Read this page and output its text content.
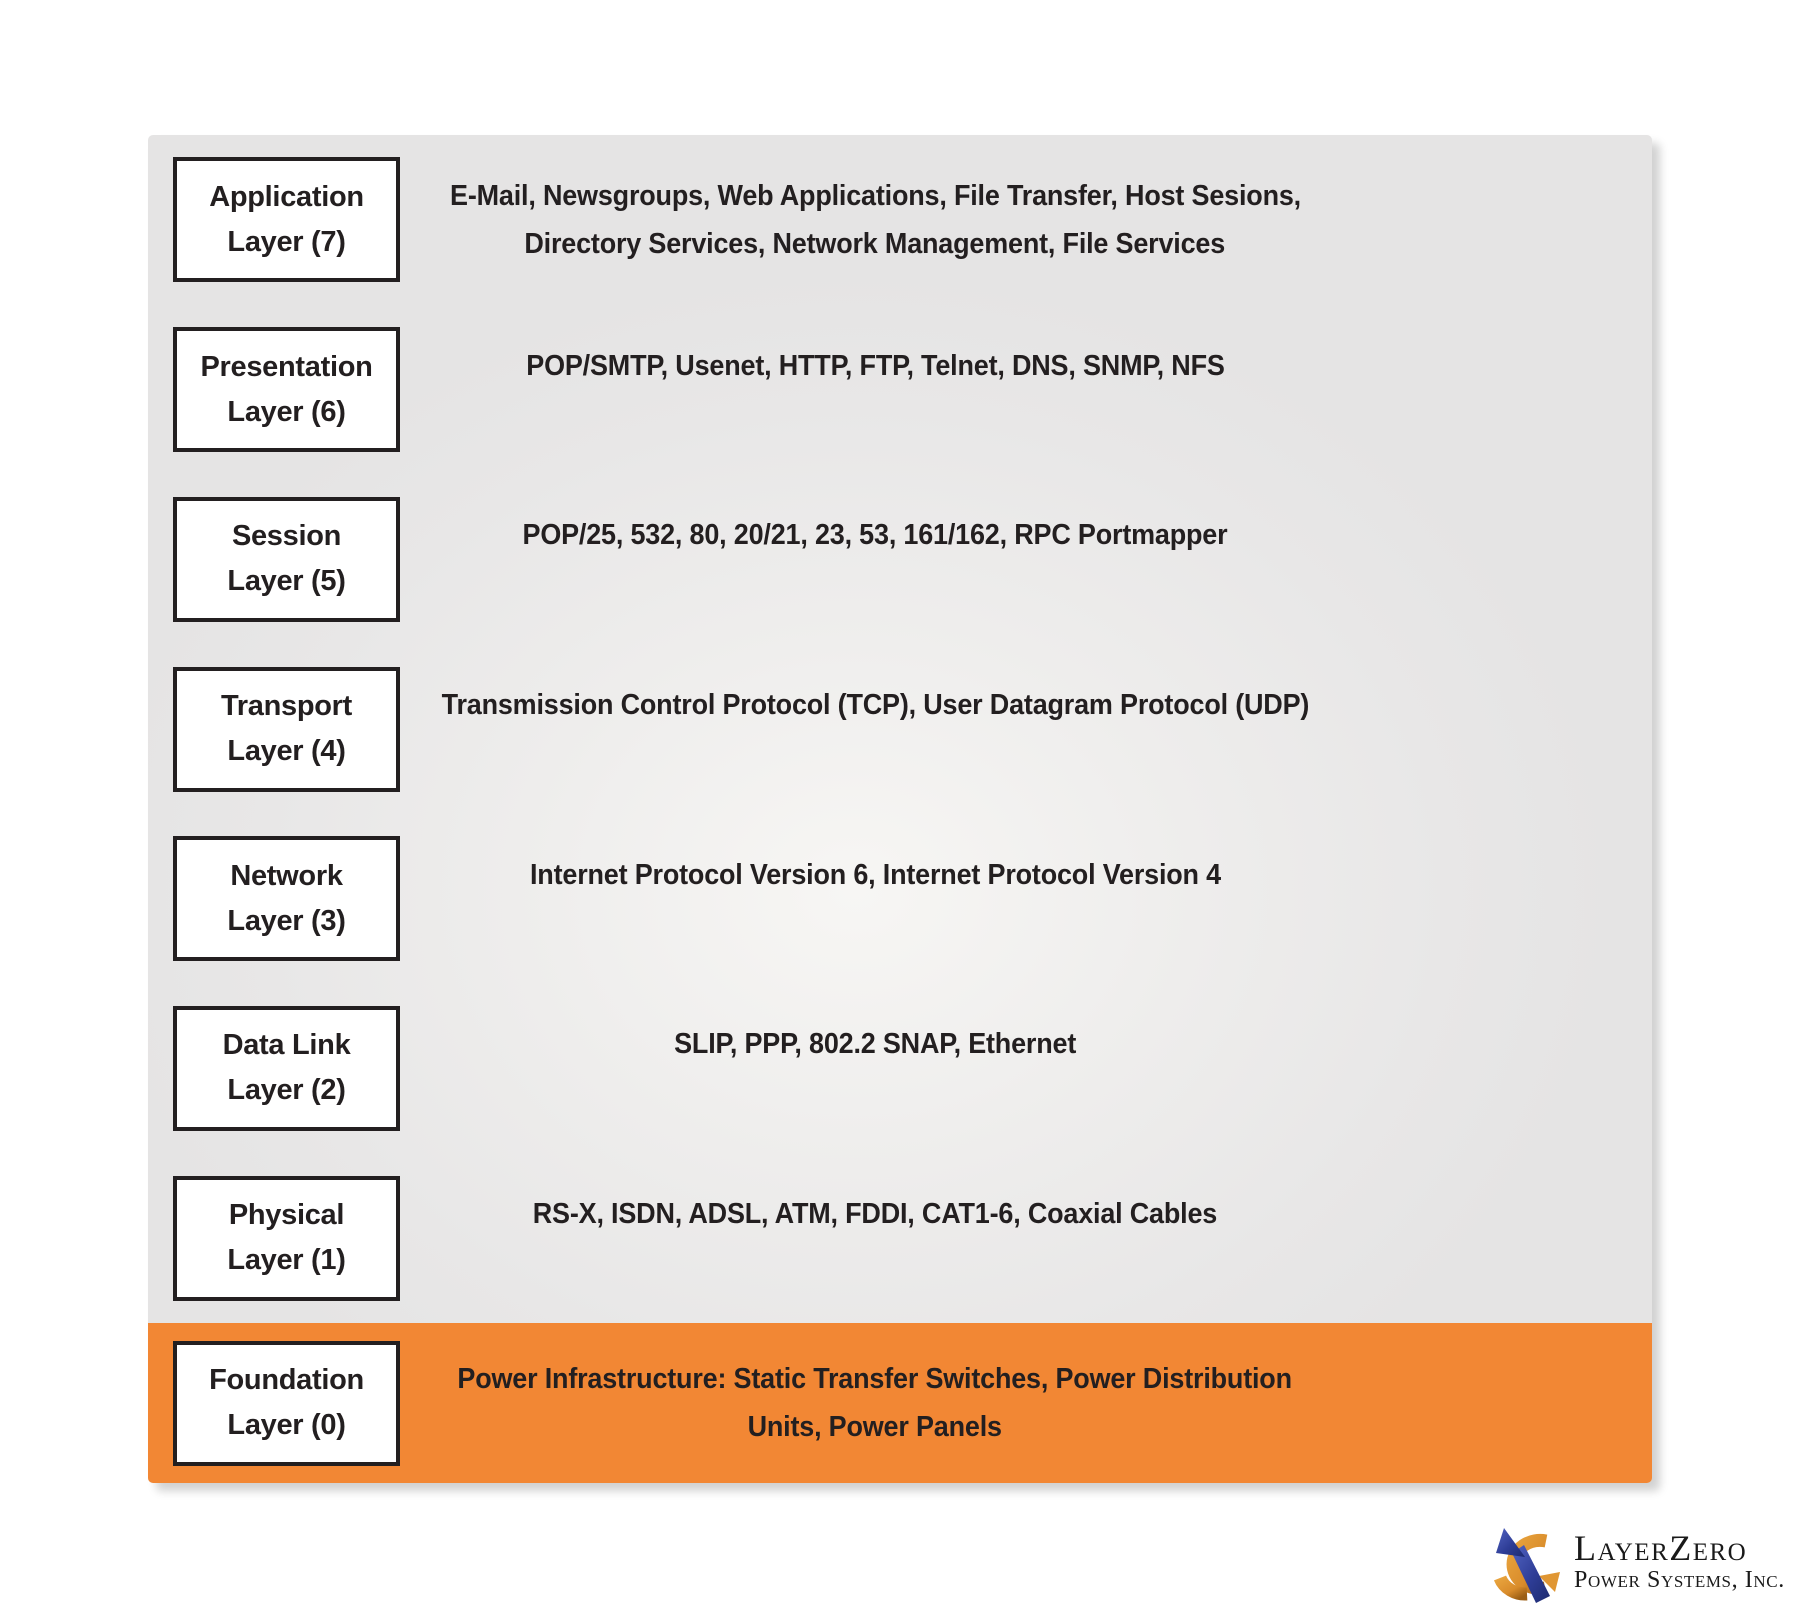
Application
Layer (7)
E-Mail, Newsgroups, Web Applications, File Transfer, Host Sesions,
Directory Services, Network Management, File Services
Presentation
Layer (6)
POP/SMTP, Usenet, HTTP, FTP, Telnet, DNS, SNMP, NFS
Session
Layer (5)
POP/25, 532, 80, 20/21, 23, 53, 161/162, RPC Portmapper
Transport
Layer (4)
Transmission Control Protocol (TCP), User Datagram Protocol (UDP)
Network
Layer (3)
Internet Protocol Version 6, Internet Protocol Version 4
Data Link
Layer (2)
SLIP, PPP, 802.2 SNAP, Ethernet
Physical
Layer (1)
RS-X, ISDN, ADSL, ATM, FDDI, CAT1-6, Coaxial Cables
Foundation
Layer (0)
Power Infrastructure: Static Transfer Switches, Power Distribution
Units, Power Panels
LayerZero
Power Systems, Inc.
